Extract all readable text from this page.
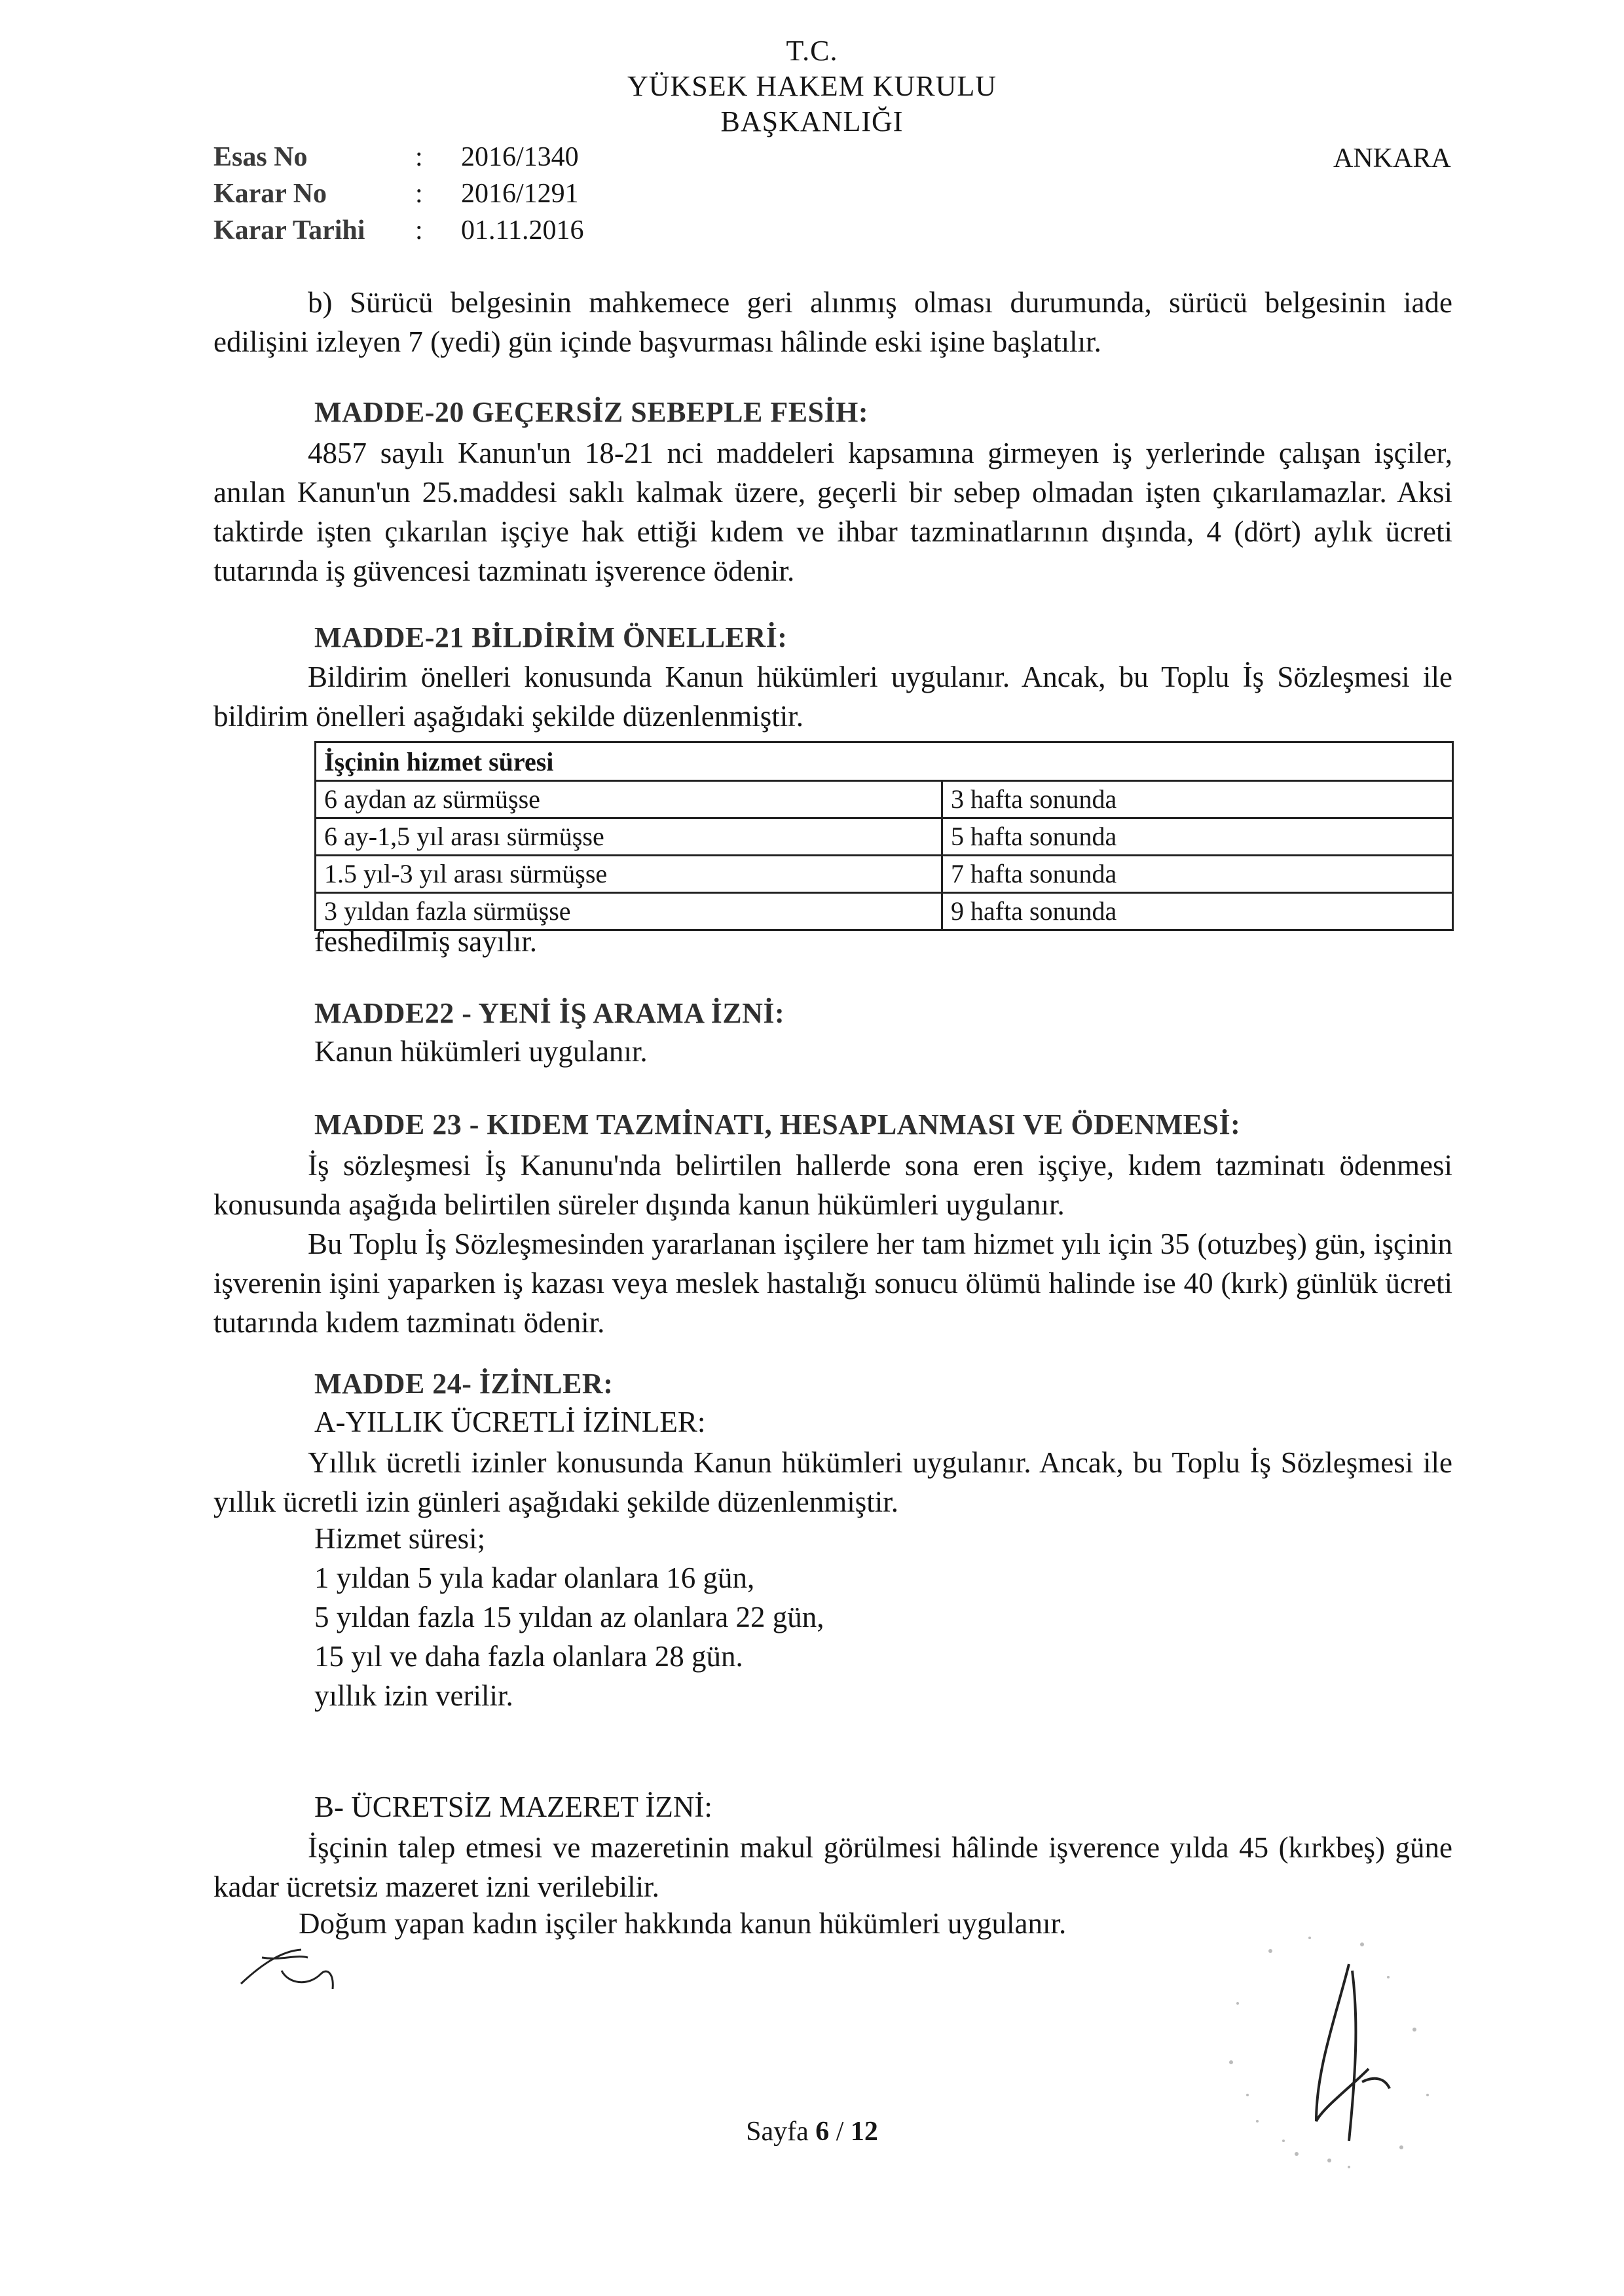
T.C.
YÜKSEK HAKEM KURULU
BAŞKANLIĞI
Esas No	: 2016/1340
Karar No	: 2016/1291
Karar Tarihi : 01.11.2016
ANKARA
b) Sürücü belgesinin mahkemece geri alınmış olması durumunda, sürücü belgesinin iade edilişini izleyen 7 (yedi) gün içinde başvurması hâlinde eski işine başlatılır.
MADDE-20 GEÇERSİZ SEBEPLE FESİH:
4857 sayılı Kanun'un 18-21 nci maddeleri kapsamına girmeyen iş yerlerinde çalışan işçiler, anılan Kanun'un 25.maddesi saklı kalmak üzere, geçerli bir sebep olmadan işten çıkarılamazlar. Aksi taktirde işten çıkarılan işçiye hak ettiği kıdem ve ihbar tazminatlarının dışında, 4 (dört) aylık ücreti tutarında iş güvencesi tazminatı işverence ödenir.
MADDE-21 BİLDİRİM ÖNELLERİ:
Bildirim önelleri konusunda Kanun hükümleri uygulanır. Ancak, bu Toplu İş Sözleşmesi ile bildirim önelleri aşağıdaki şekilde düzenlenmiştir.
İşçinin hizmet süresi	
6 aydan az sürmüşse	3 hafta sonunda
6 ay-1,5 yıl arası sürmüşse	5 hafta sonunda
1.5 yıl-3 yıl arası sürmüşse	7 hafta sonunda
3 yıldan fazla sürmüşse	9 hafta sonunda
feshedilmiş sayılır.
MADDE22 - YENİ İŞ ARAMA İZNİ:
Kanun hükümleri uygulanır.
MADDE 23 - KIDEM TAZMİNATI, HESAPLANMASI VE ÖDENMESİ:
İş sözleşmesi İş Kanunu'nda belirtilen hallerde sona eren işçiye, kıdem tazminatı ödenmesi konusunda aşağıda belirtilen süreler dışında kanun hükümleri uygulanır.
Bu Toplu İş Sözleşmesinden yararlanan işçilere her tam hizmet yılı için 35 (otuzbeş) gün, işçinin işverenin işini yaparken iş kazası veya meslek hastalığı sonucu ölümü halinde ise 40 (kırk) günlük ücreti tutarında kıdem tazminatı ödenir.
MADDE 24- İZİNLER:
A-YILLIK ÜCRETLİ İZİNLER:
Yıllık ücretli izinler konusunda Kanun hükümleri uygulanır. Ancak, bu Toplu İş Sözleşmesi ile yıllık ücretli izin günleri aşağıdaki şekilde düzenlenmiştir.
Hizmet süresi;
1 yıldan 5 yıla kadar olanlara 16 gün,
5 yıldan fazla 15 yıldan az olanlara 22 gün,
15 yıl ve daha fazla olanlara 28 gün.
yıllık izin verilir.
B- ÜCRETSİZ MAZERET İZNİ:
İşçinin talep etmesi ve mazeretinin makul görülmesi hâlinde işverence yılda 45 (kırkbeş) güne kadar ücretsiz mazeret izni verilebilir.
Doğum yapan kadın işçiler hakkında kanun hükümleri uygulanır.
Sayfa 6 / 12
